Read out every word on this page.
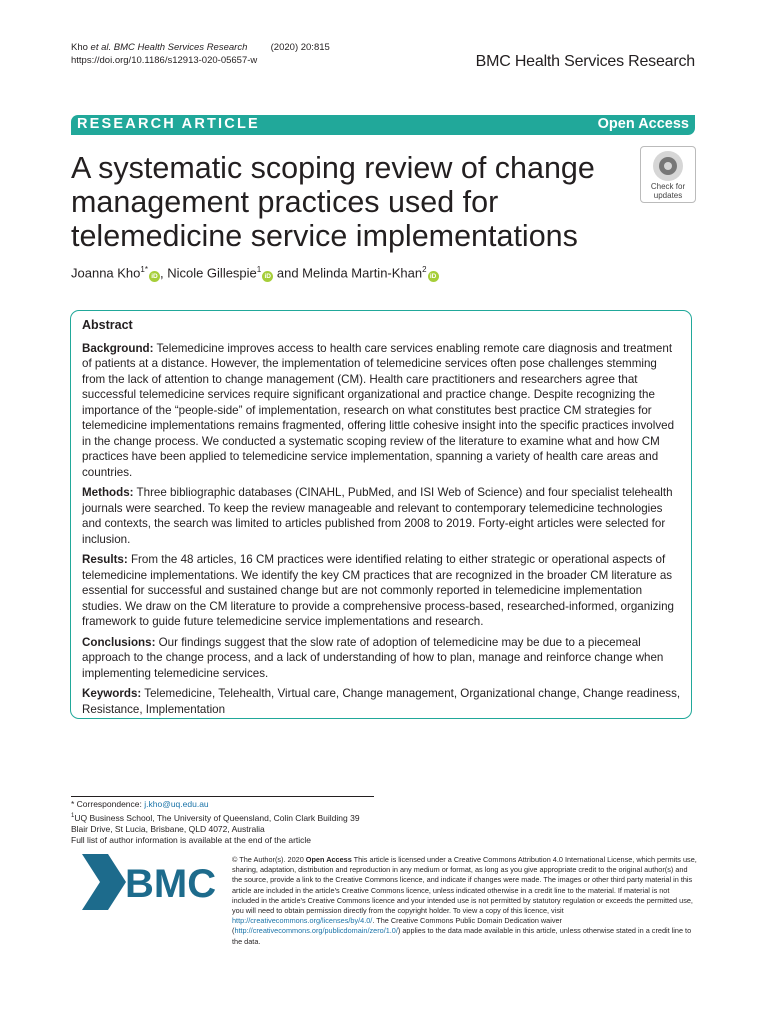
Kho et al. BMC Health Services Research (2020) 20:815
https://doi.org/10.1186/s12913-020-05657-w	BMC Health Services Research
RESEARCH ARTICLE	Open Access
A systematic scoping review of change management practices used for telemedicine service implementations
Check for
updates
Joanna Kho$^{1*}$iD , Nicole Gillespie$^1$iD and Melinda Martin-Khan$^2$iD
Abstract

Background: Telemedicine improves access to health care services enabling remote care diagnosis and treatment of patients at a distance. However, the implementation of telemedicine services often pose challenges stemming from the lack of attention to change management (CM). Health care practitioners and researchers agree that successful telemedicine services require significant organizational and practice change. Despite recognizing the importance of the “people-side” of implementation, research on what constitutes best practice CM strategies for telemedicine implementations remains fragmented, offering little cohesive insight into the specific practices involved in the change process. We conducted a systematic scoping review of the literature to examine what and how CM practices have been applied to telemedicine service implementation, spanning a variety of health care areas and countries.

Methods: Three bibliographic databases (CINAHL, PubMed, and ISI Web of Science) and four specialist telehealth journals were searched. To keep the review manageable and relevant to contemporary telemedicine technologies and contexts, the search was limited to articles published from 2008 to 2019. Forty-eight articles were selected for inclusion.

Results: From the 48 articles, 16 CM practices were identified relating to either strategic or operational aspects of telemedicine implementations. We identify the key CM practices that are recognized in the broader CM literature as essential for successful and sustained change but are not commonly reported in telemedicine implementation studies. We draw on the CM literature to provide a comprehensive process-based, researched-informed, organizing framework to guide future telemedicine service implementations and research.

Conclusions: Our findings suggest that the slow rate of adoption of telemedicine may be due to a piecemeal approach to the change process, and a lack of understanding of how to plan, manage and reinforce change when implementing telemedicine services.

Keywords: Telemedicine, Telehealth, Virtual care, Change management, Organizational change, Change readiness, Resistance, Implementation

* Correspondence: j.kho@uq.edu.au
$^1$UQ Business School, The University of Queensland, Colin Clark Building 39
Blair Drive, St Lucia, Brisbane, QLD 4072, Australia
Full list of author information is available at the end of the article
BMC
© The Author(s). 2020 Open Access This article is licensed under a Creative Commons Attribution 4.0 International License, which permits use, sharing, adaptation, distribution and reproduction in any medium or format, as long as you give appropriate credit to the original author(s) and the source, provide a link to the Creative Commons licence, and indicate if changes were made. The images or other third party material in this article are included in the article's Creative Commons licence, unless indicated otherwise in a credit line to the material. If material is not included in the article's Creative Commons licence and your intended use is not permitted by statutory regulation or exceeds the permitted use, you will need to obtain permission directly from the copyright holder. To view a copy of this licence, visit http://creativecommons.org/licenses/by/4.0/. The Creative Commons Public Domain Dedication waiver (http://creativecommons.org/publicdomain/zero/1.0/) applies to the data made available in this article, unless otherwise stated in a credit line to the data.
